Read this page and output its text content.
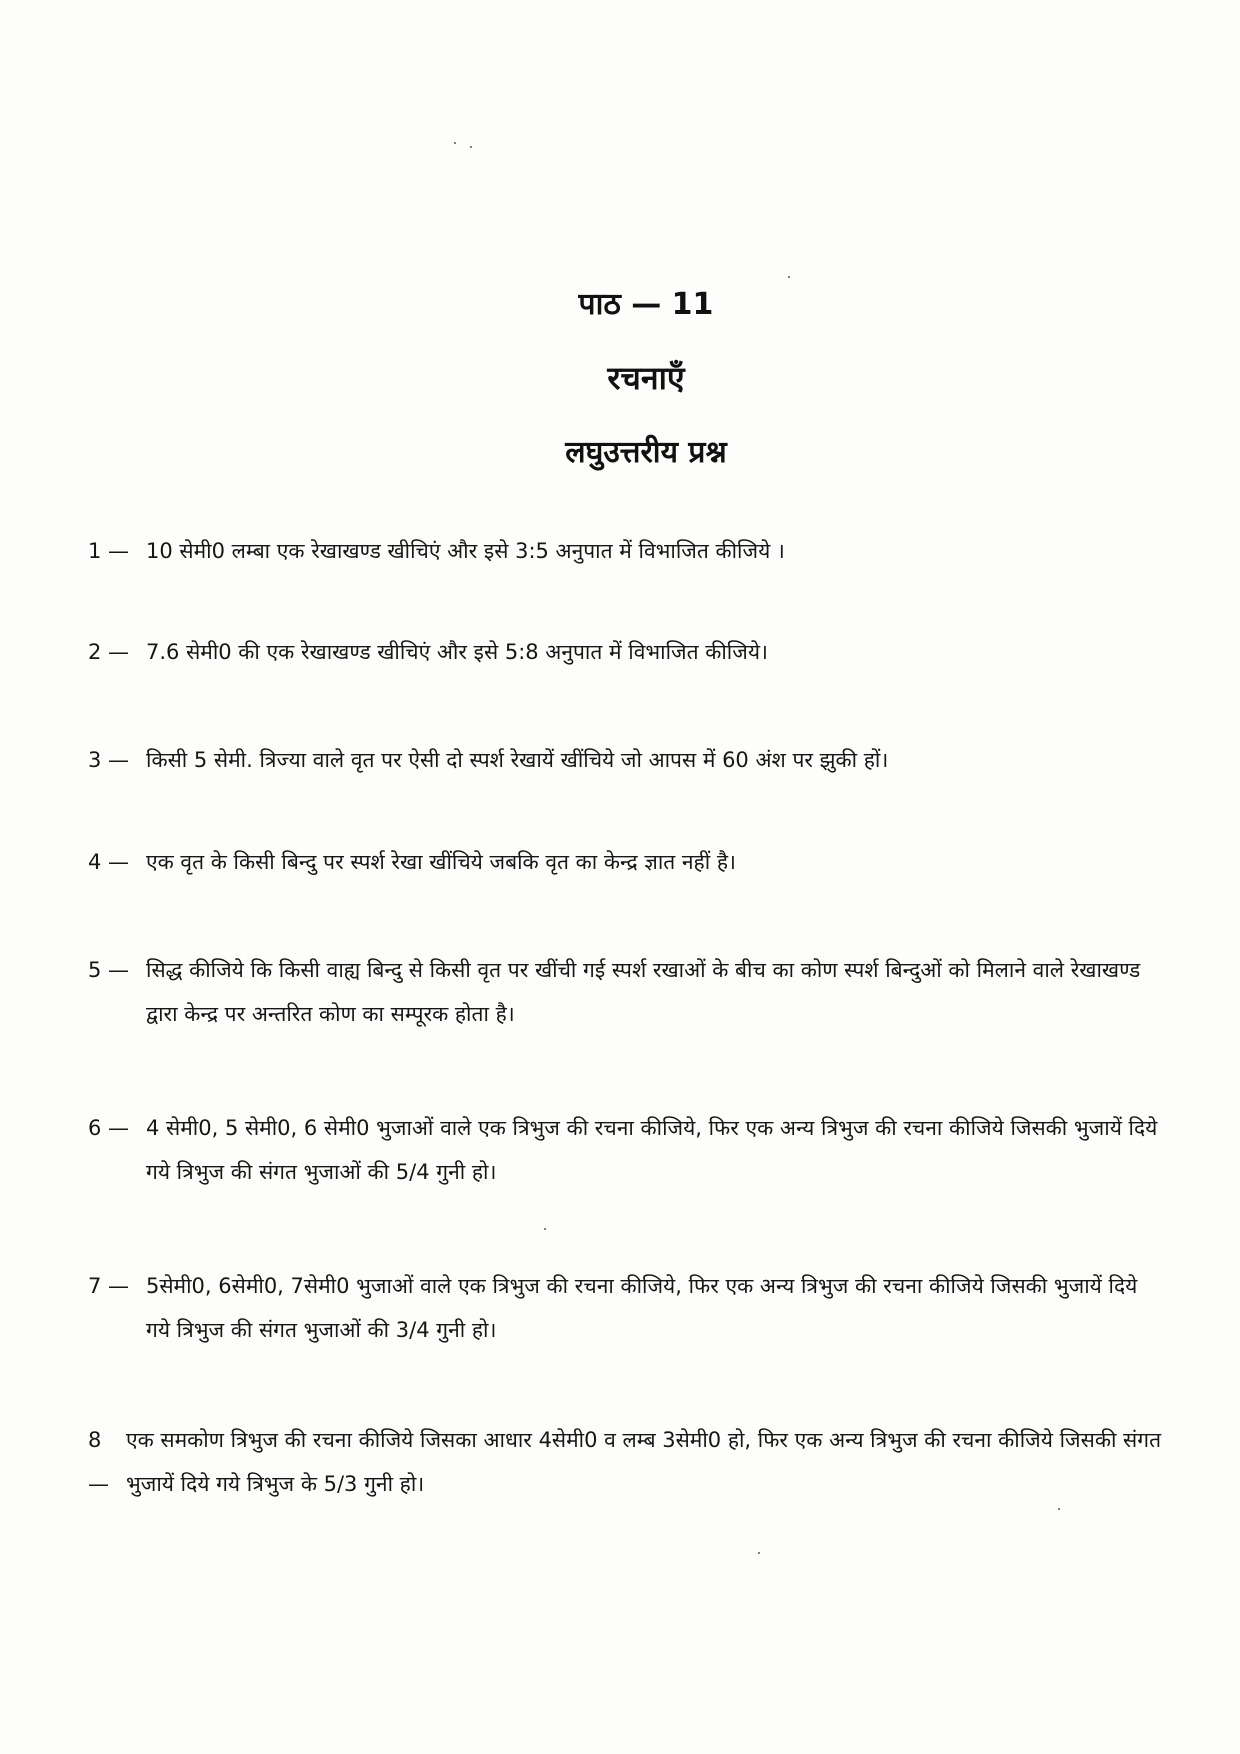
पाठ — 11
रचनाएँ
लघुउत्तरीय प्रश्न

1 — 10 सेमी0 लम्बा एक रेखाखण्ड खीचिएं और इसे 3:5 अनुपात में विभाजित कीजिये ।

2 — 7.6 सेमी0 की एक रेखाखण्ड खीचिएं और इसे 5:8 अनुपात में विभाजित कीजिये।

3 — किसी 5 सेमी. त्रिज्या वाले वृत पर ऐसी दो स्पर्श रेखायें खींचिये जो आपस में 60 अंश पर झुकी हों।

4 — एक वृत के किसी बिन्दु पर स्पर्श रेखा खींचिये जबकि वृत का केन्द्र ज्ञात नहीं है।

5 — सिद्ध कीजिये कि किसी वाह्य बिन्दु से किसी वृत पर खींची गई स्पर्श रखाओं के बीच का कोण स्पर्श बिन्दुओं को मिलाने वाले रेखाखण्ड द्वारा केन्द्र पर अन्तरित कोण का सम्पूरक होता है।

6 — 4 सेमी0, 5 सेमी0, 6 सेमी0 भुजाओं वाले एक त्रिभुज की रचना कीजिये, फिर एक अन्य त्रिभुज की रचना कीजिये जिसकी भुजायें दिये गये त्रिभुज की संगत भुजाओं की 5/4 गुनी हो।

7 — 5सेमी0, 6सेमी0, 7सेमी0 भुजाओं वाले एक त्रिभुज की रचना कीजिये, फिर एक अन्य त्रिभुज की रचना कीजिये जिसकी भुजायें दिये गये त्रिभुज की संगत भुजाओं की 3/4 गुनी हो।

8 —एक समकोण त्रिभुज की रचना कीजिये जिसका आधार 4सेमी0 व लम्ब 3सेमी0 हो, फिर एक अन्य त्रिभुज की रचना कीजिये जिसकी संगत भुजायें दिये गये त्रिभुज के 5/3 गुनी हो।
